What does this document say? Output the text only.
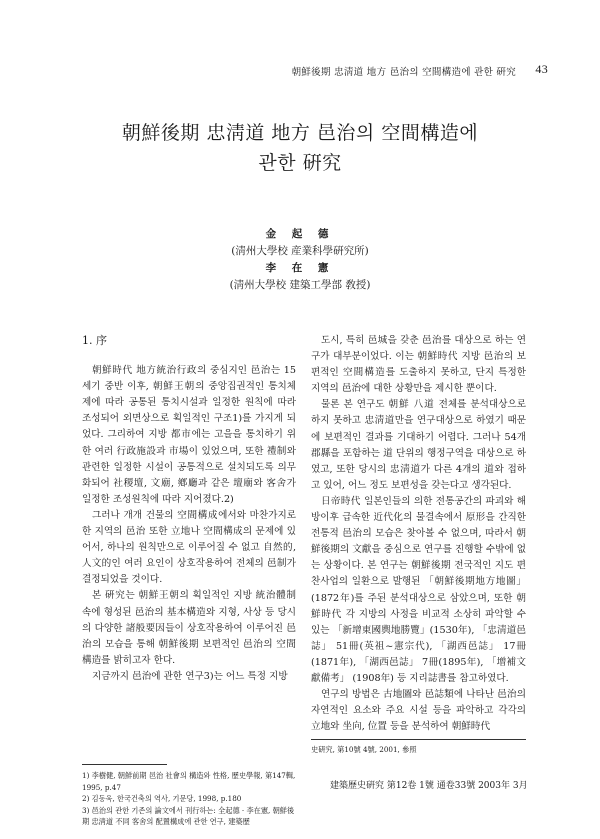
朝鮮後期 忠淸道 地方 邑治의 空間構造에 관한 硏究 43
朝鮮後期 忠淸道 地方 邑治의 空間構造에
관한 硏究
金 起 德
(淸州大學校 産業科學硏究所)
李 在 憲
(淸州大學校 建築工學部 敎授)

1. 序

朝鮮時代 地方統治行政의 중심지인 邑治는 15세기 중반 이후, 朝鮮王朝의 중앙집권적인 통치체제에 따라 공통된 통치시설과 일정한 원칙에 따라 조성되어 외면상으로 획일적인 구조1)를 가지게 되었다. 그리하여 지방 都市에는 고을을 통치하기 위한 여러 行政施設과 市場이 있었으며, 또한 禮制와 관련한 일정한 시설이 공통적으로 설치되도록 의무화되어 社稷壇, 文廟, 鄕廳과 같은 壇廟와 客舍가 일정한 조성원칙에 따라 지어졌다.2)

그러나 개개 건물의 空間構成에서와 마찬가지로 한 지역의 邑治 또한 立地나 空間構成의 문제에 있어서, 하나의 원칙만으로 이루어질 수 없고 自然的, 人文的인 여러 요인이 상호작용하여 전체의 邑制가 결정되었을 것이다.

본 硏究는 朝鮮王朝의 획일적인 지방 統治體制 속에 형성된 邑治의 基本構造와 지형, 사상 등 당시의 다양한 諸般要因들이 상호작용하여 이루어진 邑治의 모습을 통해 朝鮮後期 보편적인 邑治의 空間構造를 밝히고자 한다.

지금까지 邑治에 관한 연구3)는 어느 특정 지방

도시, 특히 邑城을 갖춘 邑治를 대상으로 하는 연구가 대부분이었다. 이는 朝鮮時代 지방 邑治의 보편적인 空間構造를 도출하지 못하고, 단지 특정한 지역의 邑治에 대한 상황만을 제시한 뿐이다.

물론 본 연구도 朝鮮 八道 전체를 분석대상으로 하지 못하고 忠淸道만을 연구대상으로 하였기 때문에 보편적인 결과를 기대하기 어렵다. 그러나 54개 郡縣을 포함하는 道 단위의 행정구역을 대상으로 하였고, 또한 당시의 忠淸道가 다른 4개의 道와 접하고 있어, 어느 정도 보편성을 갖는다고 생각된다.

日帝時代 일본인들의 의한 전통공간의 파괴와 해방이후 급속한 近代化의 물결속에서 原形을 간직한 전통적 邑治의 모습은 찾아볼 수 없으며, 따라서 朝鮮後期의 文獻을 중심으로 연구를 진행할 수밖에 없는 상황이다. 본 연구는 朝鮮後期 전국적인 지도 편찬사업의 일환으로 발행된 「朝鮮後期地方地圖」(1872年)를 주된 분석대상으로 삼았으며, 또한 朝鮮時代 각 지방의 사정을 비교적 소상히 파악할 수 있는 「新增東國輿地勝覽」(1530年), 「忠淸道邑誌」 51冊(英祖~憲宗代), 「湖西邑誌」 17冊(1871年), 「湖西邑誌」 7冊(1895年), 「增補文獻備考」 (1908年) 등 지리誌書를 참고하였다.

연구의 방법은 古地圖와 邑誌類에 나타난 邑治의 자연적인 요소와 주요 시설 등을 파악하고 각각의 立地와 坐向, 位置 등을 분석하여 朝鮮時代

1) 李樹健, 朝鮮前期 邑治 社會의 構造와 性格, 歷史學報, 第147輯, 1995, p.47

2) 김동욱, 한국건축의 역사, 기문당, 1998, p.180

3) 邑治의 관한 기존의 論文에서 刊行하는: 全起德 · 李在憲, 朝鮮後期 忠淸道 不同 客舍의 配置構成에 관한 연구, 建築歷

史硏究, 第10號 4號, 2001, 參照
建築歷史硏究 第12卷 1號 通卷33號 2003年 3月
